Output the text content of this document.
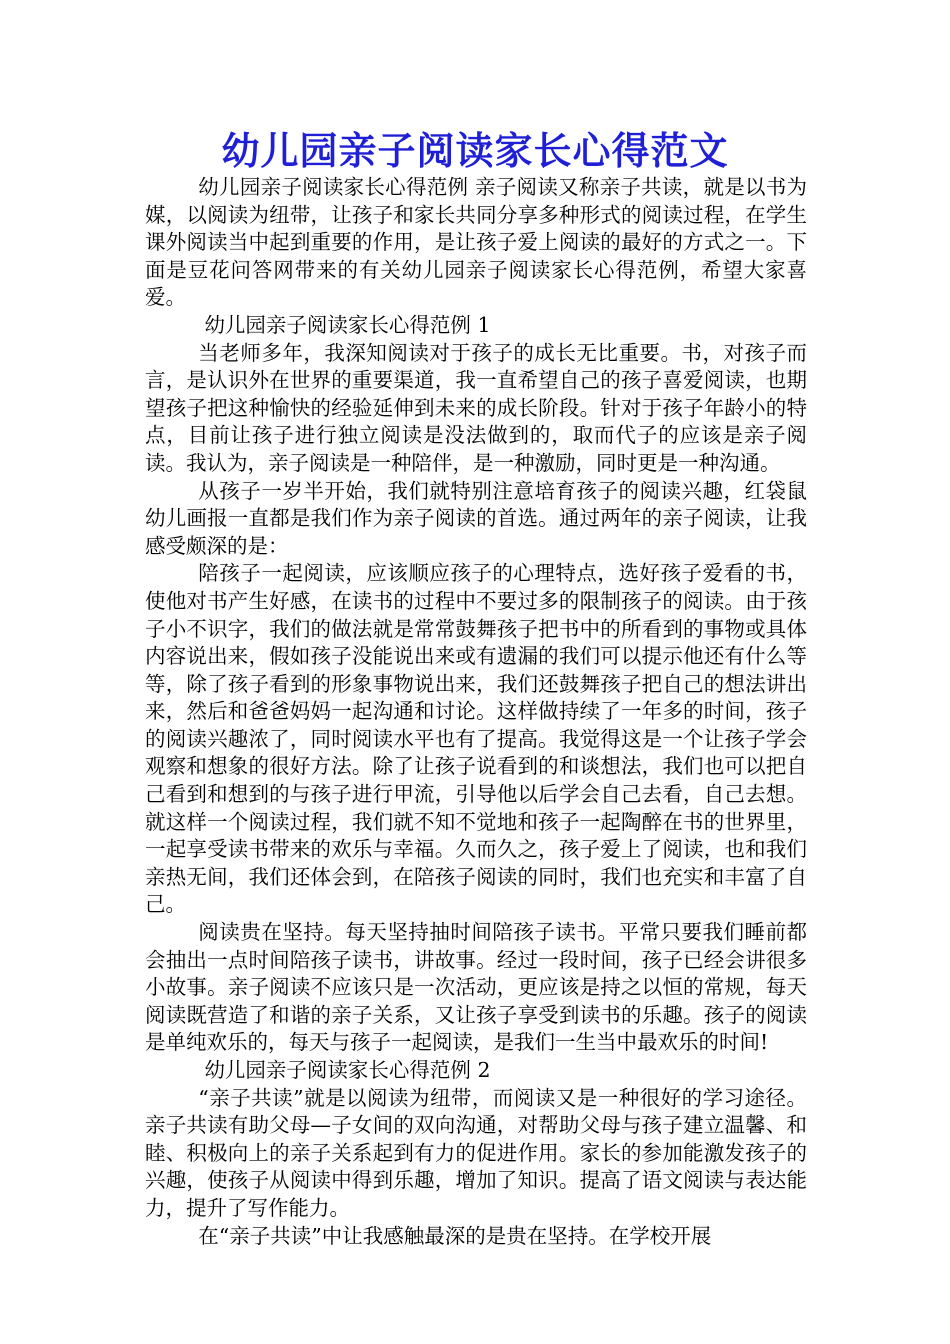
幼儿园亲子阅读家长心得范文

幼儿园亲子阅读家长心得范例 亲子阅读又称亲子共读，就是以书为媒，以阅读为纽带，让孩子和家长共同分享多种形式的阅读过程，在学生课外阅读当中起到重要的作用，是让孩子爱上阅读的最好的方式之一。下面是豆花问答网带来的有关幼儿园亲子阅读家长心得范例，希望大家喜爱。

幼儿园亲子阅读家长心得范例 1

当老师多年，我深知阅读对于孩子的成长无比重要。书，对孩子而言，是认识外在世界的重要渠道，我一直希望自己的孩子喜爱阅读，也期望孩子把这种愉快的经验延伸到未来的成长阶段。针对于孩子年龄小的特点，目前让孩子进行独立阅读是没法做到的，取而代子的应该是亲子阅读。我认为，亲子阅读是一种陪伴，是一种激励，同时更是一种沟通。

从孩子一岁半开始，我们就特别注意培育孩子的阅读兴趣，红袋鼠幼儿画报一直都是我们作为亲子阅读的首选。通过两年的亲子阅读，让我感受颇深的是：

陪孩子一起阅读，应该顺应孩子的心理特点，选好孩子爱看的书，使他对书产生好感，在读书的过程中不要过多的限制孩子的阅读。由于孩子小不识字，我们的做法就是常常鼓舞孩子把书中的所看到的事物或具体内容说出来，假如孩子没能说出来或有遗漏的我们可以提示他还有什么等等，除了孩子看到的形象事物说出来，我们还鼓舞孩子把自己的想法讲出来，然后和爸爸妈妈一起沟通和讨论。这样做持续了一年多的时间，孩子的阅读兴趣浓了，同时阅读水平也有了提高。我觉得这是一个让孩子学会观察和想象的很好方法。除了让孩子说看到的和谈想法，我们也可以把自己看到和想到的与孩子进行甲流，引导他以后学会自己去看，自己去想。就这样一个阅读过程，我们就不知不觉地和孩子一起陶醉在书的世界里，一起享受读书带来的欢乐与幸福。久而久之，孩子爱上了阅读，也和我们亲热无间，我们还体会到，在陪孩子阅读的同时，我们也充实和丰富了自己。

阅读贵在坚持。每天坚持抽时间陪孩子读书。平常只要我们睡前都会抽出一点时间陪孩子读书，讲故事。经过一段时间，孩子已经会讲很多小故事。亲子阅读不应该只是一次活动，更应该是持之以恒的常规，每天阅读既营造了和谐的亲子关系，又让孩子享受到读书的乐趣。孩子的阅读是单纯欢乐的，每天与孩子一起阅读，是我们一生当中最欢乐的时间!

幼儿园亲子阅读家长心得范例 2

“亲子共读”就是以阅读为纽带，而阅读又是一种很好的学习途径。亲子共读有助父母—子女间的双向沟通，对帮助父母与孩子建立温馨、和睦、积极向上的亲子关系起到有力的促进作用。家长的参加能激发孩子的兴趣，使孩子从阅读中得到乐趣，增加了知识。提高了语文阅读与表达能力，提升了写作能力。

在“亲子共读”中让我感触最深的是贵在坚持。在学校开展
